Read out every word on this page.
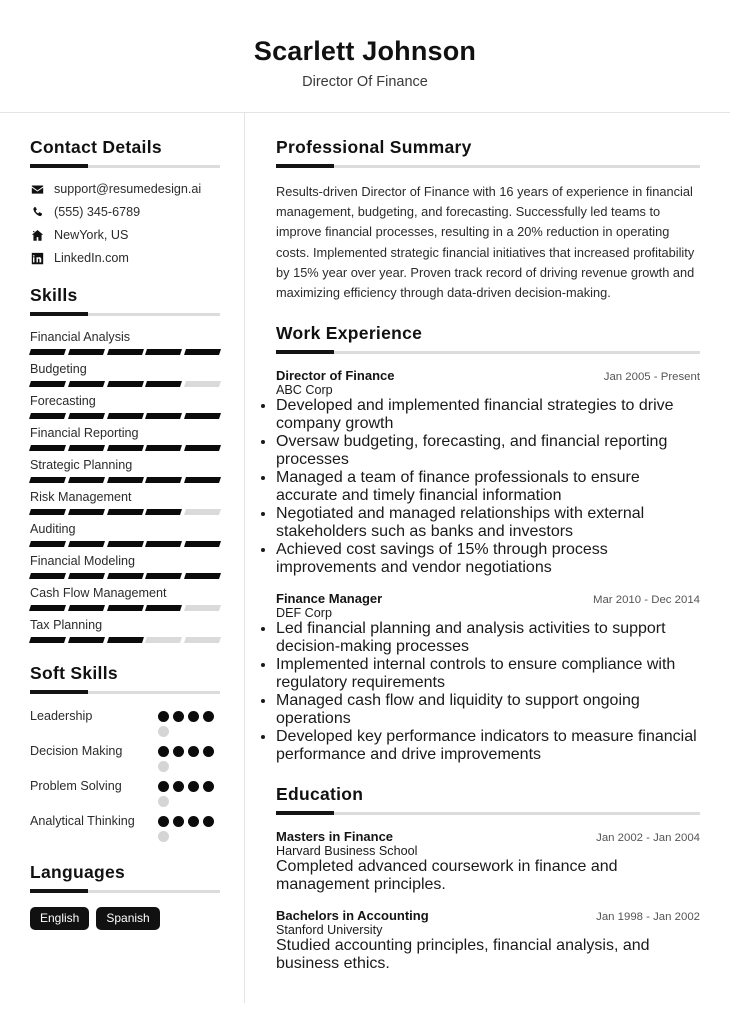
Scarlett Johnson
Director Of Finance
Contact Details
support@resumedesign.ai
(555) 345-6789
NewYork, US
LinkedIn.com
Skills
Financial Analysis
Budgeting
Forecasting
Financial Reporting
Strategic Planning
Risk Management
Auditing
Financial Modeling
Cash Flow Management
Tax Planning
Soft Skills
Leadership
Decision Making
Problem Solving
Analytical Thinking
Languages
English	Spanish
Professional Summary
Results-driven Director of Finance with 16 years of experience in financial management, budgeting, and forecasting. Successfully led teams to improve financial processes, resulting in a 20% reduction in operating costs. Implemented strategic financial initiatives that increased profitability by 15% year over year. Proven track record of driving revenue growth and maximizing efficiency through data-driven decision-making.
Work Experience
Director of Finance	Jan 2005 - Present
ABC Corp
• Developed and implemented financial strategies to drive company growth
• Oversaw budgeting, forecasting, and financial reporting processes
• Managed a team of finance professionals to ensure accurate and timely financial information
• Negotiated and managed relationships with external stakeholders such as banks and investors
• Achieved cost savings of 15% through process improvements and vendor negotiations
Finance Manager	Mar 2010 - Dec 2014
DEF Corp
• Led financial planning and analysis activities to support decision-making processes
• Implemented internal controls to ensure compliance with regulatory requirements
• Managed cash flow and liquidity to support ongoing operations
• Developed key performance indicators to measure financial performance and drive improvements
Education
Masters in Finance	Jan 2002 - Jan 2004
Harvard Business School
Completed advanced coursework in finance and management principles.
Bachelors in Accounting	Jan 1998 - Jan 2002
Stanford University
Studied accounting principles, financial analysis, and business ethics.
